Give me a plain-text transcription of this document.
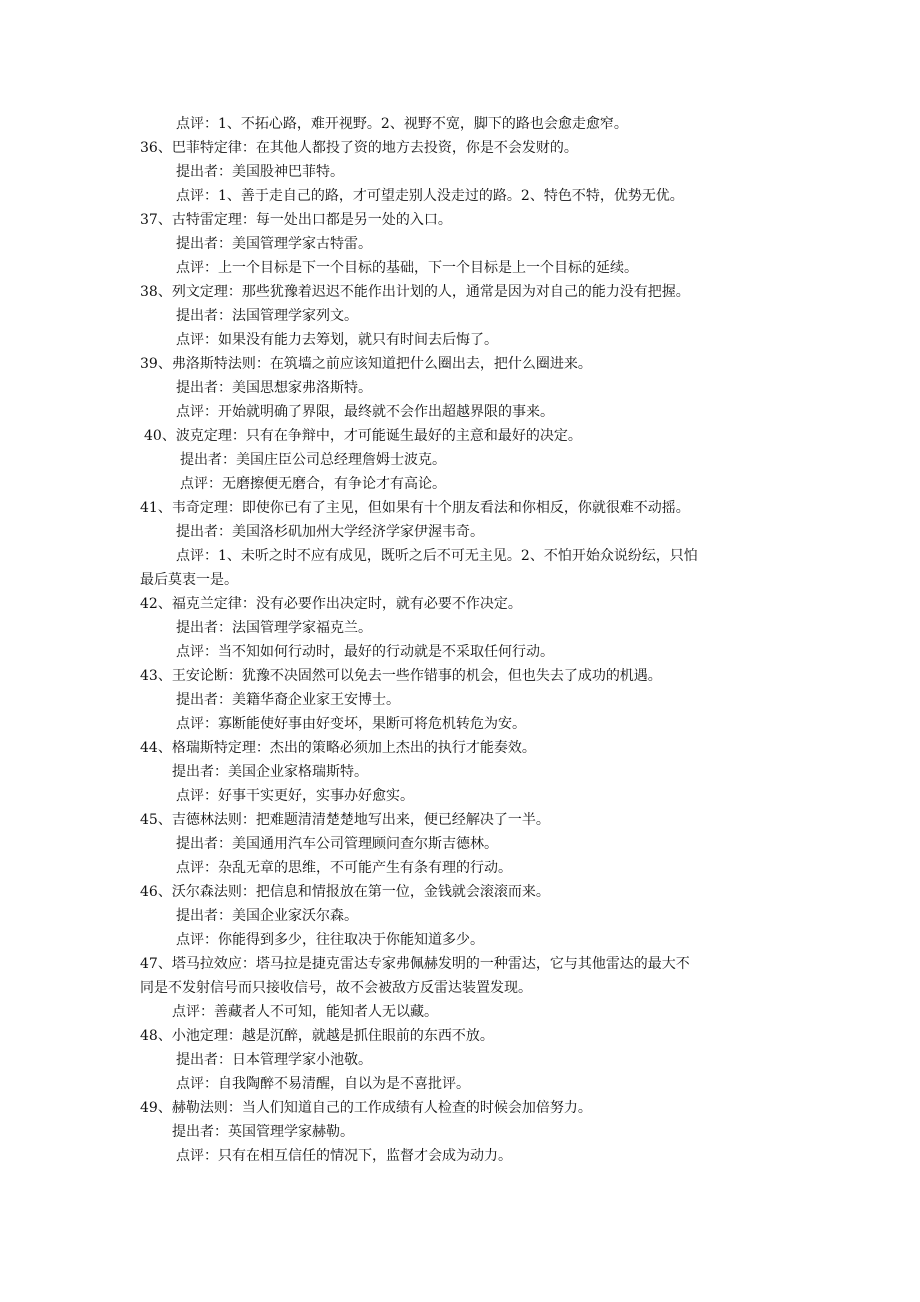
点评：1、不拓心路，难开视野。2、视野不宽，脚下的路也会愈走愈窄。
36、巴菲特定律：在其他人都投了资的地方去投资，你是不会发财的。
提出者：美国股神巴菲特。
点评：1、善于走自己的路，才可望走别人没走过的路。2、特色不特，优势无优。
37、古特雷定理：每一处出口都是另一处的入口。
提出者：美国管理学家古特雷。
点评：上一个目标是下一个目标的基础，下一个目标是上一个目标的延续。
38、列文定理：那些犹豫着迟迟不能作出计划的人，通常是因为对自己的能力没有把握。
提出者：法国管理学家列文。
点评：如果没有能力去筹划，就只有时间去后悔了。
39、弗洛斯特法则：在筑墙之前应该知道把什么圈出去，把什么圈进来。
提出者：美国思想家弗洛斯特。
点评：开始就明确了界限，最终就不会作出超越界限的事来。
40、波克定理：只有在争辩中，才可能诞生最好的主意和最好的决定。
提出者：美国庄臣公司总经理詹姆士波克。
点评：无磨擦便无磨合，有争论才有高论。
41、韦奇定理：即使你已有了主见，但如果有十个朋友看法和你相反，你就很难不动摇。
提出者：美国洛杉矶加州大学经济学家伊渥韦奇。
点评：1、未听之时不应有成见，既听之后不可无主见。2、不怕开始众说纷纭，只怕
最后莫衷一是。
42、福克兰定律：没有必要作出决定时，就有必要不作决定。
提出者：法国管理学家福克兰。
点评：当不知如何行动时，最好的行动就是不采取任何行动。
43、王安论断：犹豫不决固然可以免去一些作错事的机会，但也失去了成功的机遇。
提出者：美籍华裔企业家王安博士。
点评：寡断能使好事由好变坏，果断可将危机转危为安。
44、格瑞斯特定理：杰出的策略必须加上杰出的执行才能奏效。
提出者：美国企业家格瑞斯特。
点评：好事干实更好，实事办好愈实。
45、吉德林法则：把难题清清楚楚地写出来，便已经解决了一半。
提出者：美国通用汽车公司管理顾问查尔斯吉德林。
点评：杂乱无章的思维，不可能产生有条有理的行动。
46、沃尔森法则：把信息和情报放在第一位，金钱就会滚滚而来。
提出者：美国企业家沃尔森。
点评：你能得到多少，往往取决于你能知道多少。
47、塔马拉效应：塔马拉是捷克雷达专家弗佩赫发明的一种雷达，它与其他雷达的最大不
同是不发射信号而只接收信号，故不会被敌方反雷达装置发现。
点评：善藏者人不可知，能知者人无以藏。
48、小池定理：越是沉醉，就越是抓住眼前的东西不放。
提出者：日本管理学家小池敬。
点评：自我陶醉不易清醒，自以为是不喜批评。
49、赫勒法则：当人们知道自己的工作成绩有人检查的时候会加倍努力。
提出者：英国管理学家赫勒。
点评：只有在相互信任的情况下，监督才会成为动力。
